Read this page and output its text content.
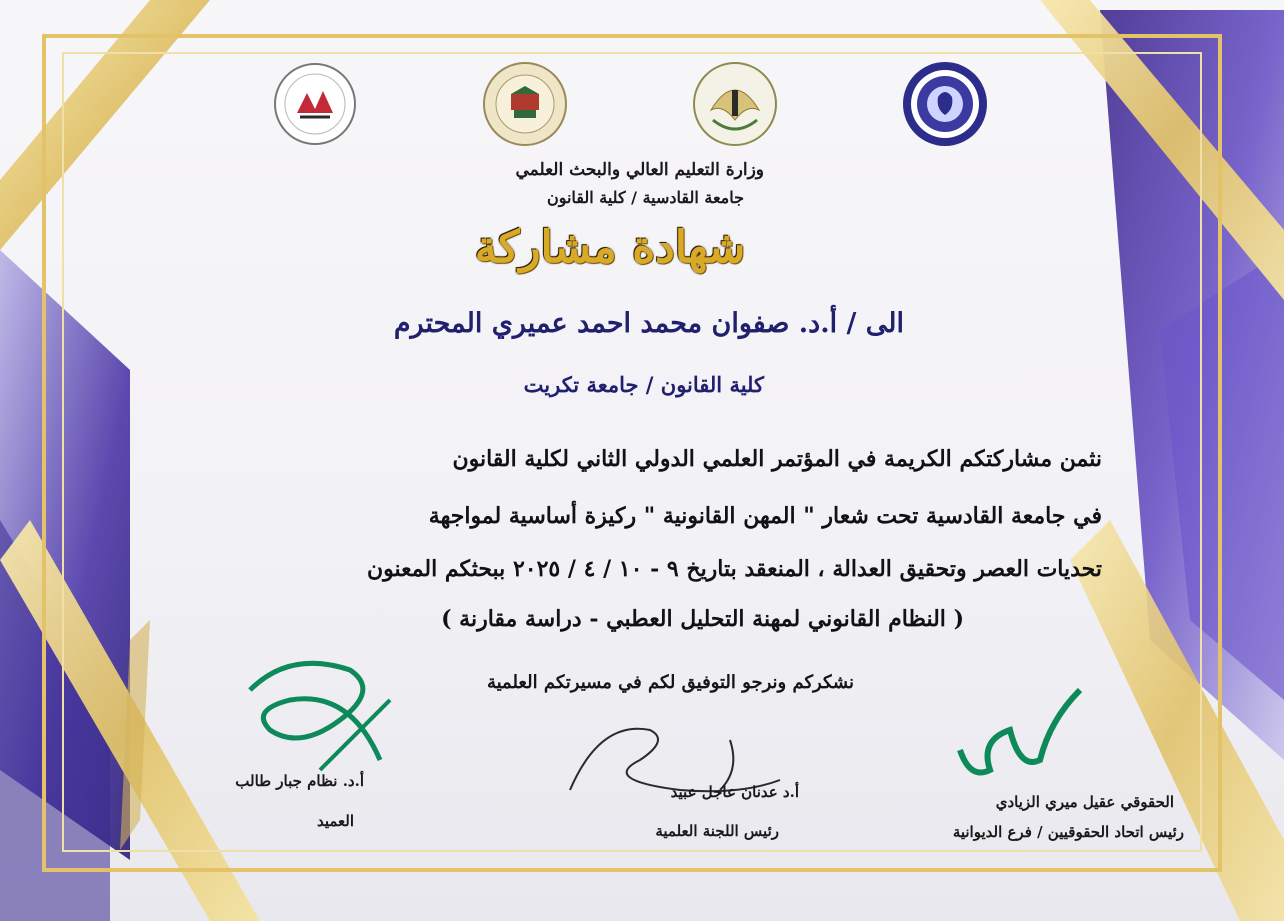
وزارة التعليم العالي والبحث العلمي
جامعة القادسية / كلية القانون
شهادة مشاركة
الى / أ.د. صفوان محمد احمد عميري المحترم
كلية القانون / جامعة تكريت
نثمن مشاركتكم الكريمة في المؤتمر العلمي الدولي الثاني لكلية القانون
في جامعة القادسية تحت شعار " المهن القانونية " ركيزة أساسية لمواجهة
تحديات العصر وتحقيق العدالة ، المنعقد بتاريخ ٩ - ١٠ / ٤ / ٢٠٢٥ ببحثكم المعنون
( النظام القانوني لمهنة التحليل العطبي - دراسة مقارنة )
نشكركم ونرجو التوفيق لكم في مسيرتكم العلمية
أ.د. نظام جبار طالب
العميد
أ.د عدنان عاجل عبيد
رئيس اللجنة العلمية
الحقوقي عقيل ميري الزيادي
رئيس اتحاد الحقوقيين / فرع الديوانية
